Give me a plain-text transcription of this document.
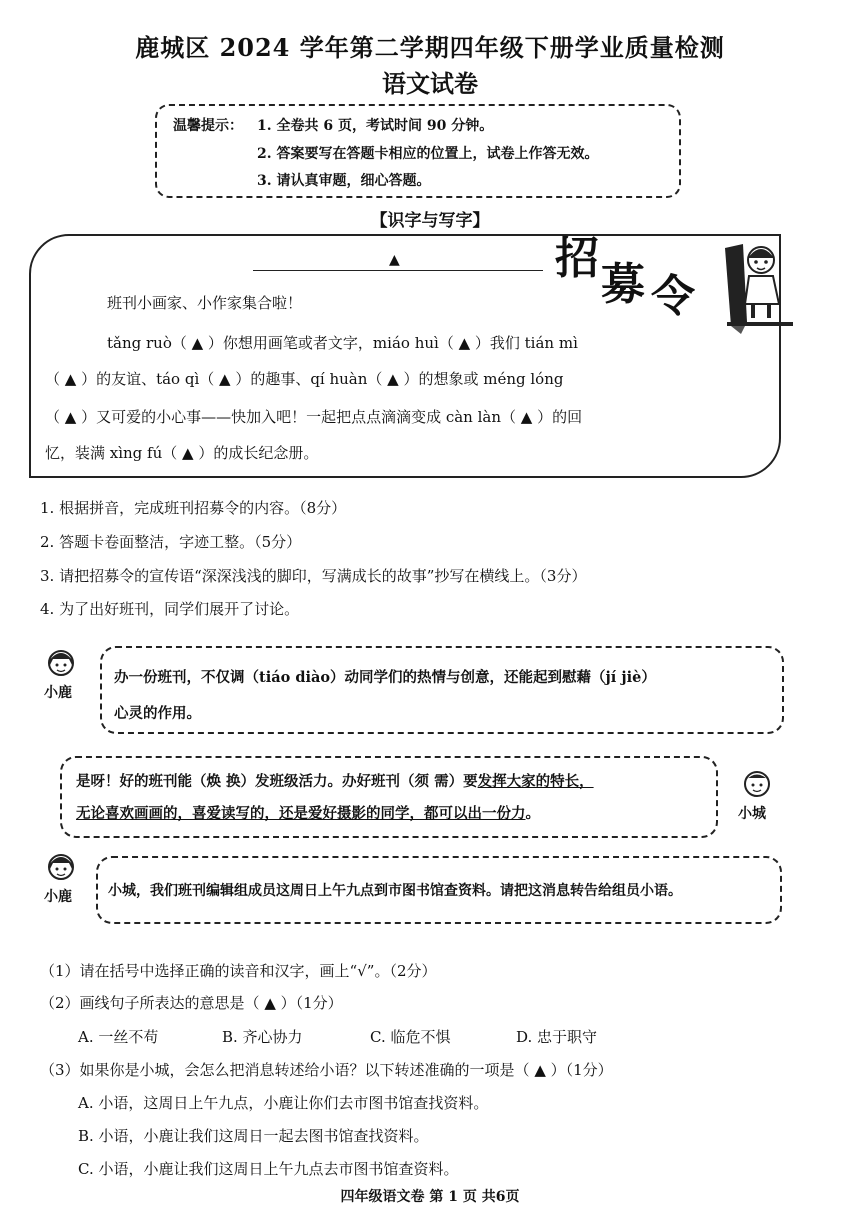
鹿城区 2024 学年第二学期四年级下册学业质量检测
语文试卷
温馨提示： 1. 全卷共 6 页，考试时间 90 分钟。
2. 答案要写在答题卡相应的位置上，试卷上作答无效。
3. 请认真审题，细心答题。
【识字与写字】
▲	招
募 令
班刊小画家、小作家集合啦！
tǎng ruò（ ▲ ）你想用画笔或者文字，miáo huì（ ▲ ）我们 tián mì
（ ▲ ）的友谊、táo qì（ ▲ ）的趣事、qí huàn（ ▲ ）的想象或 méng lóng
（ ▲ ）又可爱的小心事——快加入吧！一起把点点滴滴变成 càn làn（ ▲ ）的回
忆，装满 xìng fú（ ▲ ）的成长纪念册。
1. 根据拼音，完成班刊招募令的内容。（8分）
2. 答题卡卷面整洁，字迹工整。（5分）
3. 请把招募令的宣传语“深深浅浅的脚印，写满成长的故事”抄写在横线上。（3分）
4. 为了出好班刊，同学们展开了讨论。
小鹿
办一份班刊，不仅调（tiáo diào）动同学们的热情与创意，还能起到慰藉（jí jiè）
心灵的作用。
是呀！好的班刊能（焕 换）发班级活力。办好班刊（须 需）要发挥大家的特长，
无论喜欢画画的，喜爱读写的，还是爱好摄影的同学，都可以出一份力。	小城
小鹿	小城，我们班刊编辑组成员这周日上午九点到市图书馆查资料。请把这消息转告给组员小语。
（1）请在括号中选择正确的读音和汉字，画上“√”。（2分）
（2）画线句子所表达的意思是（ ▲ ）（1分）
A. 一丝不苟	B. 齐心协力	C. 临危不惧	D. 忠于职守
（3）如果你是小城，会怎么把消息转述给小语？以下转述准确的一项是（ ▲ ）（1分）
A. 小语，这周日上午九点，小鹿让你们去市图书馆查找资料。
B. 小语，小鹿让我们这周日一起去图书馆查找资料。
C. 小语，小鹿让我们这周日上午九点去市图书馆查资料。
四年级语文卷 第 1 页 共6页
